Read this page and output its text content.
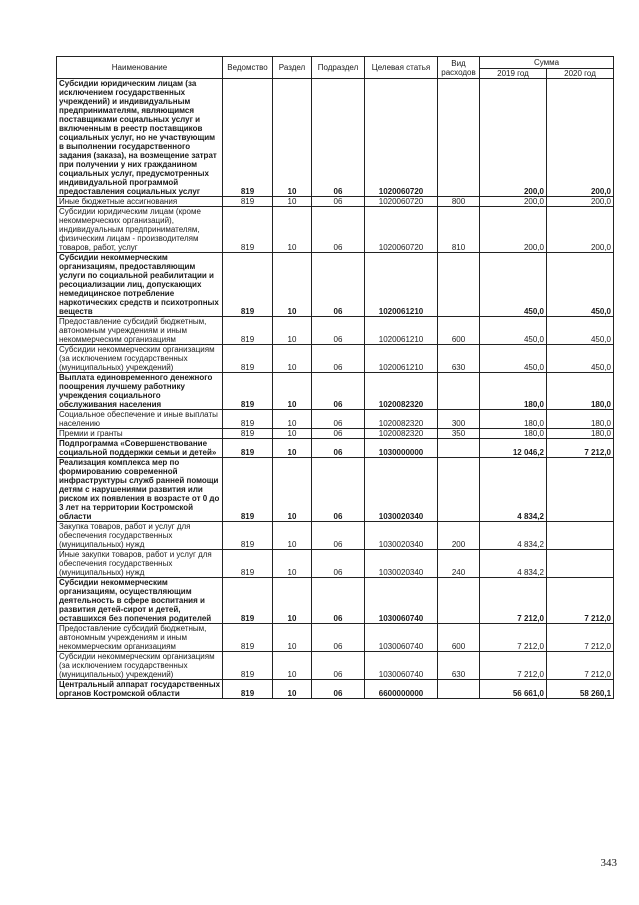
Наименование	Ведомство	Раздел	Подраздел	Целевая статья	Вид расходов	Сумма	
						2019 год	2020 год
Субсидии юридическим лицам (за исключением государственных учреждений) и индивидуальным предпринимателям, являющимся поставщиками социальных услуг и включенным в реестр поставщиков социальных услуг, но не участвующим в выполнении государственного задания (заказа), на возмещение затрат при получении у них гражданином социальных услуг, предусмотренных индивидуальной программой предоставления социальных услуг	819	10	06	1020060720		200,0	200,0
Иные бюджетные ассигнования	819	10	06	1020060720	800	200,0	200,0
Субсидии юридическим лицам (кроме некоммерческих организаций), индивидуальным предпринимателям, физическим лицам - производителям товаров, работ, услуг	819	10	06	1020060720	810	200,0	200,0
Субсидии некоммерческим организациям, предоставляющим услуги по социальной реабилитации и ресоциализации лиц, допускающих немедицинское потребление наркотических средств и психотропных веществ	819	10	06	1020061210		450,0	450,0
Предоставление субсидий бюджетным, автономным учреждениям и иным некоммерческим организациям	819	10	06	1020061210	600	450,0	450,0
Субсидии некоммерческим организациям (за исключением государственных (муниципальных) учреждений)	819	10	06	1020061210	630	450,0	450,0
Выплата единовременного денежного поощрения лучшему работнику учреждения социального обслуживания населения	819	10	06	1020082320		180,0	180,0
Социальное обеспечение и иные выплаты населению	819	10	06	1020082320	300	180,0	180,0
Премии и гранты	819	10	06	1020082320	350	180,0	180,0
Подпрограмма «Совершенствование социальной поддержки семьи и детей»	819	10	06	1030000000		12 046,2	7 212,0
Реализация комплекса мер по формированию современной инфраструктуры служб ранней помощи детям с нарушениями развития или риском их появления в возрасте от 0 до 3 лет на территории Костромской области	819	10	06	1030020340		4 834,2	
Закупка товаров, работ и услуг для обеспечения государственных (муниципальных) нужд	819	10	06	1030020340	200	4 834,2	
Иные закупки товаров, работ и услуг для обеспечения государственных (муниципальных) нужд	819	10	06	1030020340	240	4 834,2	
Субсидии некоммерческим организациям, осуществляющим деятельность в сфере воспитания и развития детей-сирот и детей, оставшихся без попечения родителей	819	10	06	1030060740		7 212,0	7 212,0
Предоставление субсидий бюджетным, автономным учреждениям и иным некоммерческим организациям	819	10	06	1030060740	600	7 212,0	7 212,0
Субсидии некоммерческим организациям (за исключением государственных (муниципальных) учреждений)	819	10	06	1030060740	630	7 212,0	7 212,0
Центральный аппарат государственных органов Костромской области	819	10	06	6600000000		56 661,0	58 260,1
343
